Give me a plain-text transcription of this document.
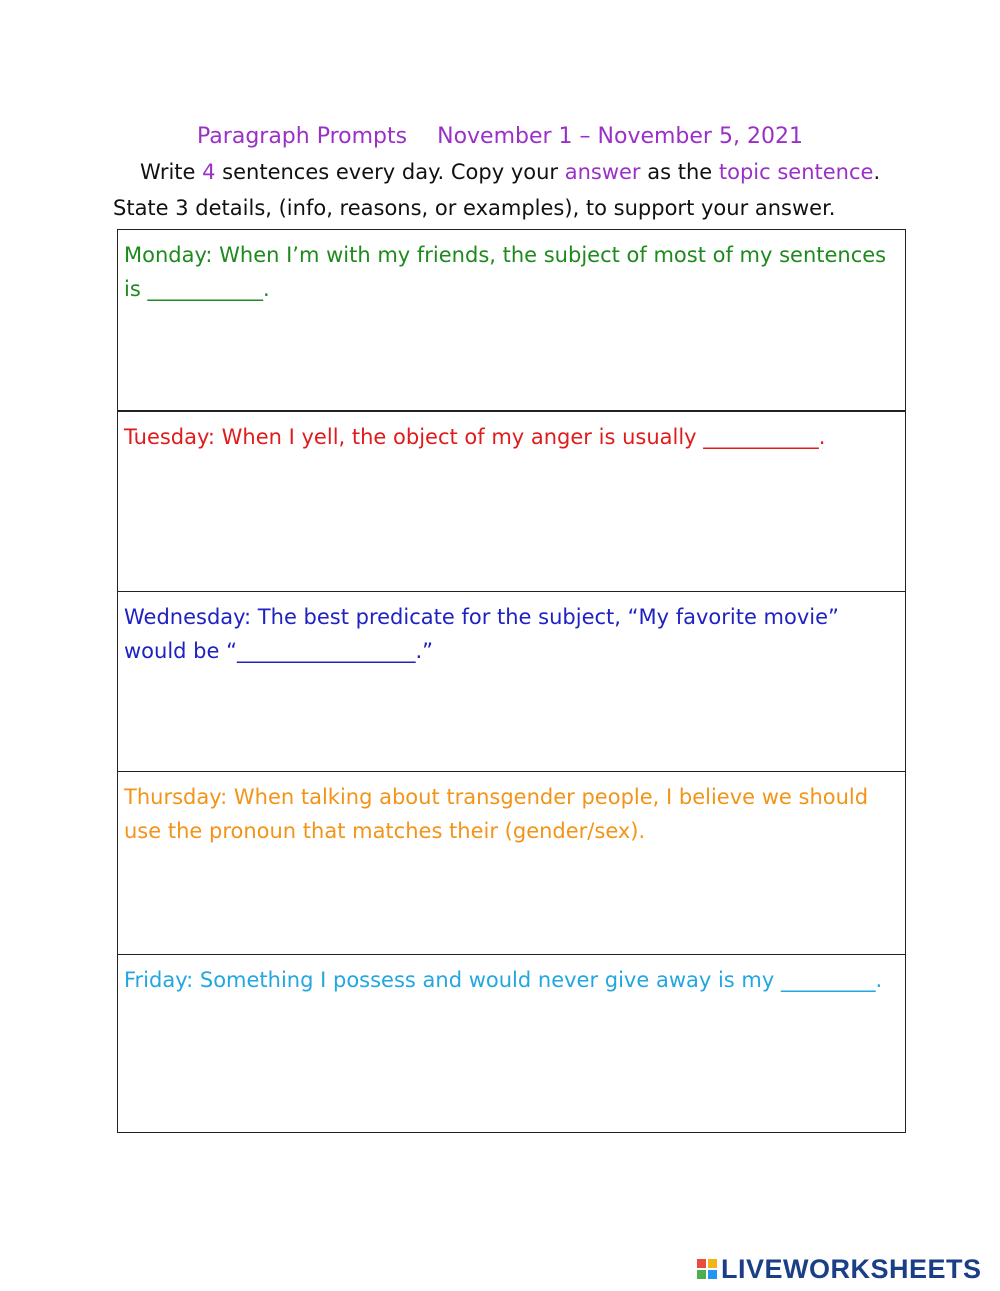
Paragraph Prompts November 1 – November 5, 2021
Write 4 sentences every day. Copy your answer as the topic sentence.
State 3 details, (info, reasons, or examples), to support your answer.
Monday: When I’m with my friends, the subject of most of my sentences is ___________.
Tuesday: When I yell, the object of my anger is usually ___________.
Wednesday: The best predicate for the subject, “My favorite movie” would be “_________________.”
Thursday: When talking about transgender people, I believe we should use the pronoun that matches their (gender/sex).
Friday: Something I possess and would never give away is my _________.
LIVEWORKSHEETS
